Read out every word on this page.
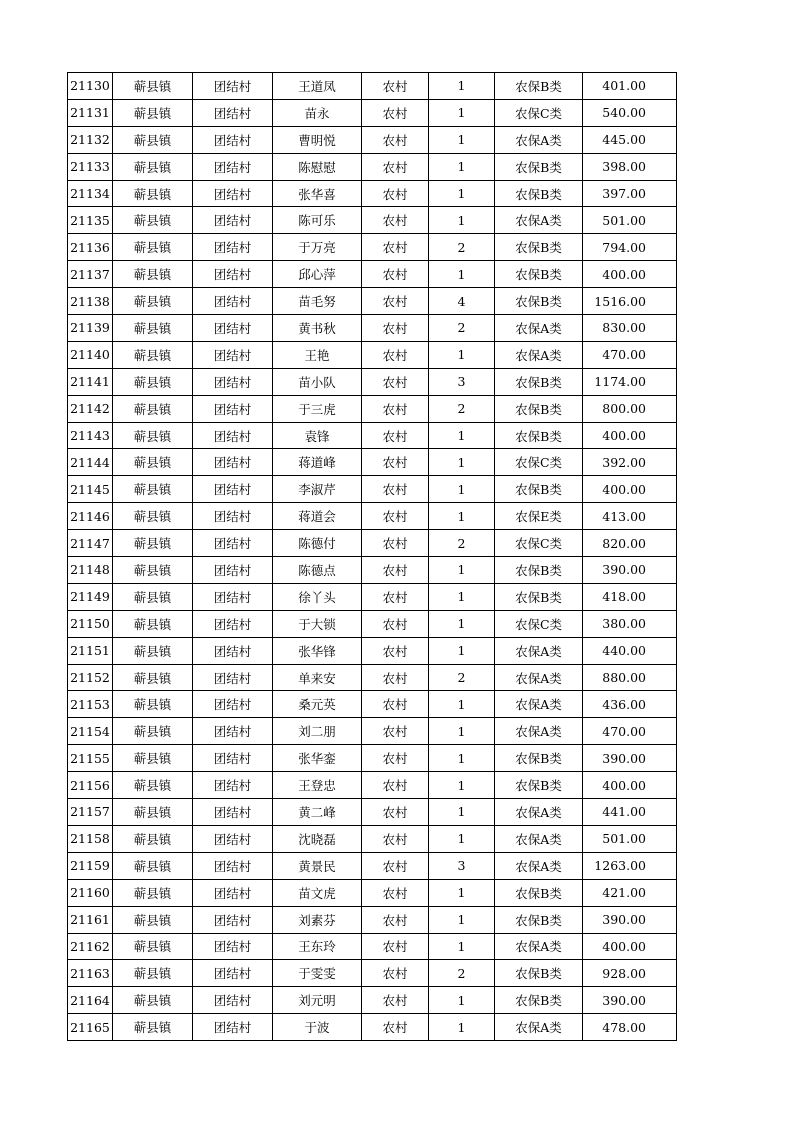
21130	蕲县镇	团结村	王道凤	农村	1	农保B类	401.00
21131	蕲县镇	团结村	苗永	农村	1	农保C类	540.00
21132	蕲县镇	团结村	曹明悦	农村	1	农保A类	445.00
21133	蕲县镇	团结村	陈慰慰	农村	1	农保B类	398.00
21134	蕲县镇	团结村	张华喜	农村	1	农保B类	397.00
21135	蕲县镇	团结村	陈可乐	农村	1	农保A类	501.00
21136	蕲县镇	团结村	于万亮	农村	2	农保B类	794.00
21137	蕲县镇	团结村	邱心萍	农村	1	农保B类	400.00
21138	蕲县镇	团结村	苗毛努	农村	4	农保B类	1516.00
21139	蕲县镇	团结村	黄书秋	农村	2	农保A类	830.00
21140	蕲县镇	团结村	王艳	农村	1	农保A类	470.00
21141	蕲县镇	团结村	苗小队	农村	3	农保B类	1174.00
21142	蕲县镇	团结村	于三虎	农村	2	农保B类	800.00
21143	蕲县镇	团结村	袁锋	农村	1	农保B类	400.00
21144	蕲县镇	团结村	蒋道峰	农村	1	农保C类	392.00
21145	蕲县镇	团结村	李淑芹	农村	1	农保B类	400.00
21146	蕲县镇	团结村	蒋道会	农村	1	农保E类	413.00
21147	蕲县镇	团结村	陈德付	农村	2	农保C类	820.00
21148	蕲县镇	团结村	陈德点	农村	1	农保B类	390.00
21149	蕲县镇	团结村	徐丫头	农村	1	农保B类	418.00
21150	蕲县镇	团结村	于大锁	农村	1	农保C类	380.00
21151	蕲县镇	团结村	张华锋	农村	1	农保A类	440.00
21152	蕲县镇	团结村	单来安	农村	2	农保A类	880.00
21153	蕲县镇	团结村	桑元英	农村	1	农保A类	436.00
21154	蕲县镇	团结村	刘二朋	农村	1	农保A类	470.00
21155	蕲县镇	团结村	张华銮	农村	1	农保B类	390.00
21156	蕲县镇	团结村	王登忠	农村	1	农保B类	400.00
21157	蕲县镇	团结村	黄二峰	农村	1	农保A类	441.00
21158	蕲县镇	团结村	沈晓磊	农村	1	农保A类	501.00
21159	蕲县镇	团结村	黄景民	农村	3	农保A类	1263.00
21160	蕲县镇	团结村	苗文虎	农村	1	农保B类	421.00
21161	蕲县镇	团结村	刘素芬	农村	1	农保B类	390.00
21162	蕲县镇	团结村	王东玲	农村	1	农保A类	400.00
21163	蕲县镇	团结村	于雯雯	农村	2	农保B类	928.00
21164	蕲县镇	团结村	刘元明	农村	1	农保B类	390.00
21165	蕲县镇	团结村	于波	农村	1	农保A类	478.00
